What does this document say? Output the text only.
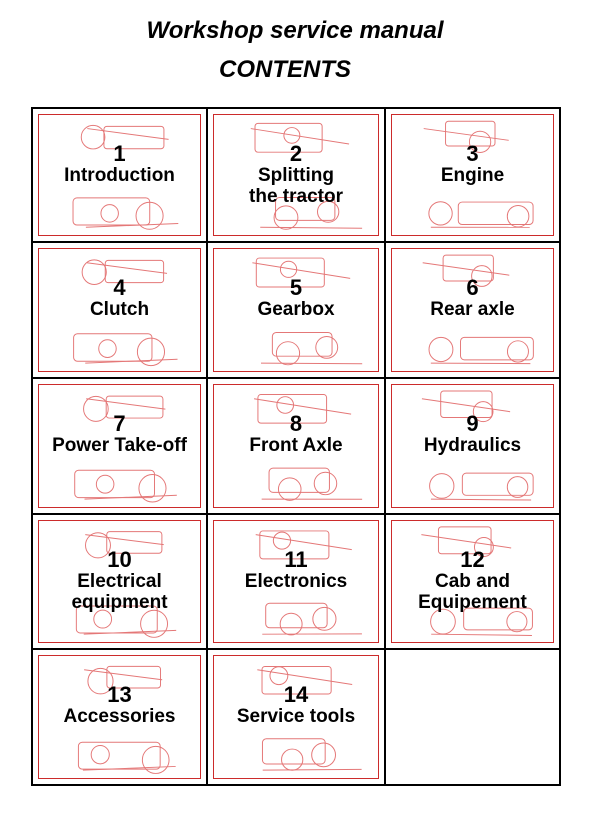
Workshop service manual
CONTENTS
1
Introduction
2
Splitting
the tractor
3
Engine
4
Clutch
5
Gearbox
6
Rear axle
7
Power Take-off
8
Front Axle
9
Hydraulics
10
Electrical
equipment
11
Electronics
12
Cab and
Equipement
13
Accessories
14
Service tools
